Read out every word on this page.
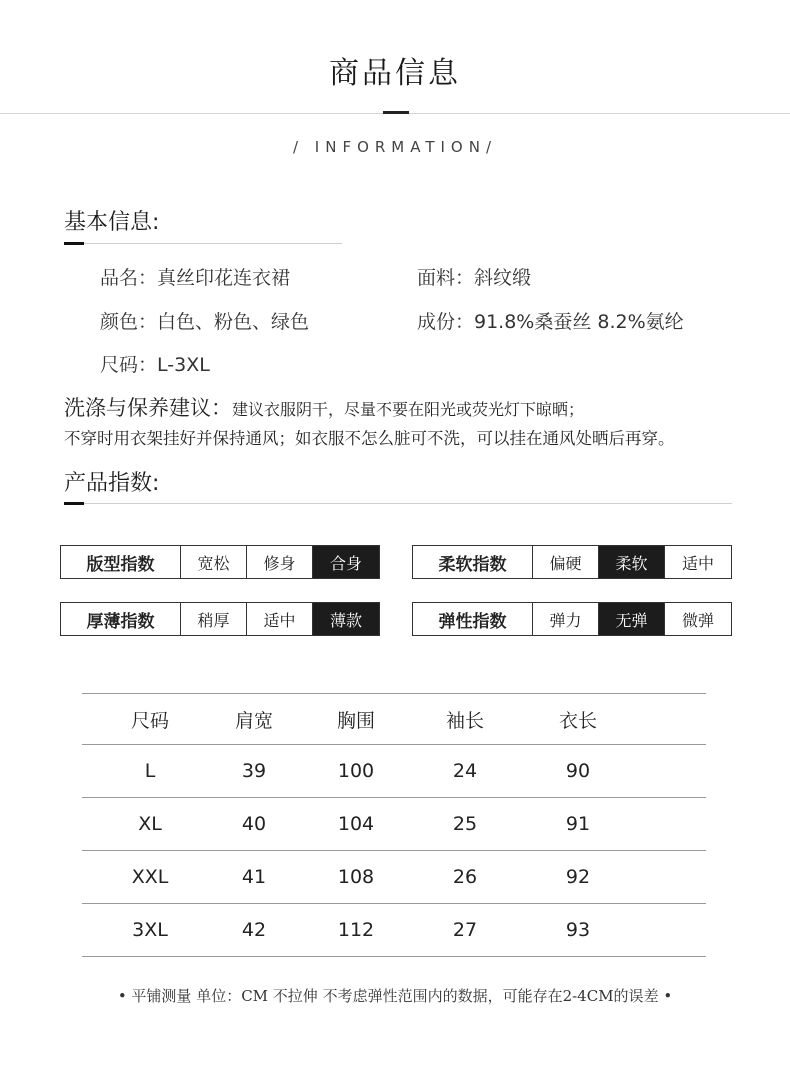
商品信息
/ INFORMATION/
基本信息:
品名：真丝印花连衣裙	面料：斜纹缎
颜色：白色、粉色、绿色	成份：91.8%桑蚕丝 8.2%氨纶
尺码：L-3XL
洗涤与保养建议：建议衣服阴干，尽量不要在阳光或荧光灯下晾晒；
不穿时用衣架挂好并保持通风；如衣服不怎么脏可不洗，可以挂在通风处晒后再穿。
产品指数:
版型指数	宽松	修身	合身	柔软指数	偏硬	柔软	适中
厚薄指数	稍厚	适中	薄款	弹性指数	弹力	无弹	微弹
尺码	肩宽	胸围	袖长	衣长
L	39	100	24	90
XL	40	104	25	91
XXL	41	108	26	92
3XL	42	112	27	93
• 平铺测量 单位：CM 不拉伸 不考虑弹性范围内的数据，可能存在2-4CM的误差 •
